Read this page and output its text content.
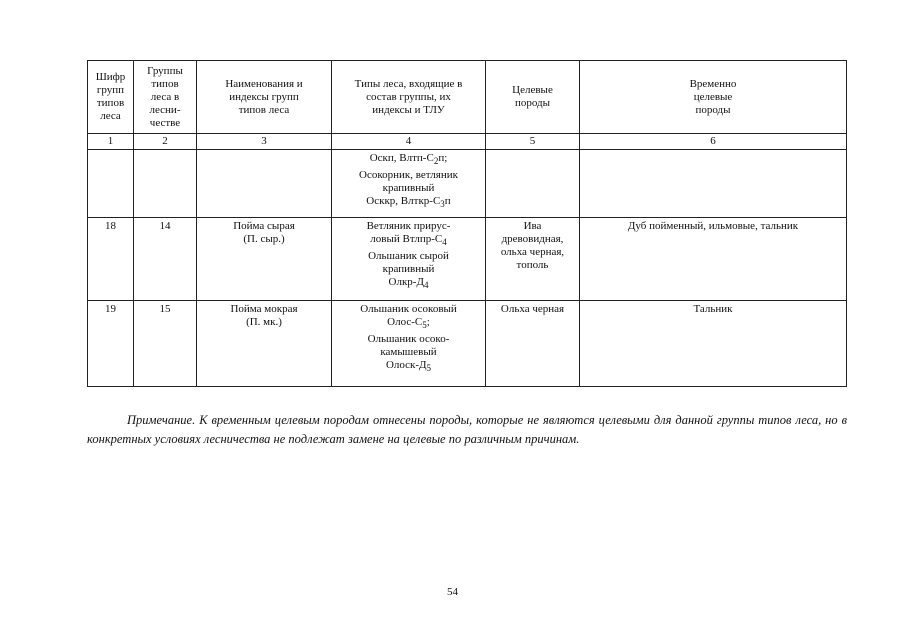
Шифр
групп
типов
леса	Группы
типов
леса в
лесни-
честве	Наименования и
индексы групп
типов леса	Типы леса, входящие в
состав группы, их
индексы и ТЛУ	Целевые
породы	Временно
целевые
породы

1	2	3	4	5	6

			Оскп, Влтп-$С_2п$;
Осокорник, ветляник
крапивный
Осккр, Влткр-$С_3п$		

18	14	Пойма сырая
(П. сыр.)	Ветляник прирус-
ловый Втлпр-$С_4$
Ольшаник сырой
крапивный
Олкр-$Д_4$	Ива
древовидная,
ольха черная,
тополь	Дуб пойменный, ильмовые, тальник

19	15	Пойма мокрая
(П. мк.)	Ольшаник осоковый
Олос-$С_5$;
Ольшаник осоко-
камышевый
Олоск-$Д_5$	Ольха черная	Тальник

Примечание. К временным целевым породам отнесены породы, которые не являются целевыми для данной группы типов леса, но в конкретных условиях лесничества не подлежат замене на целевые по различным причинам.

54
